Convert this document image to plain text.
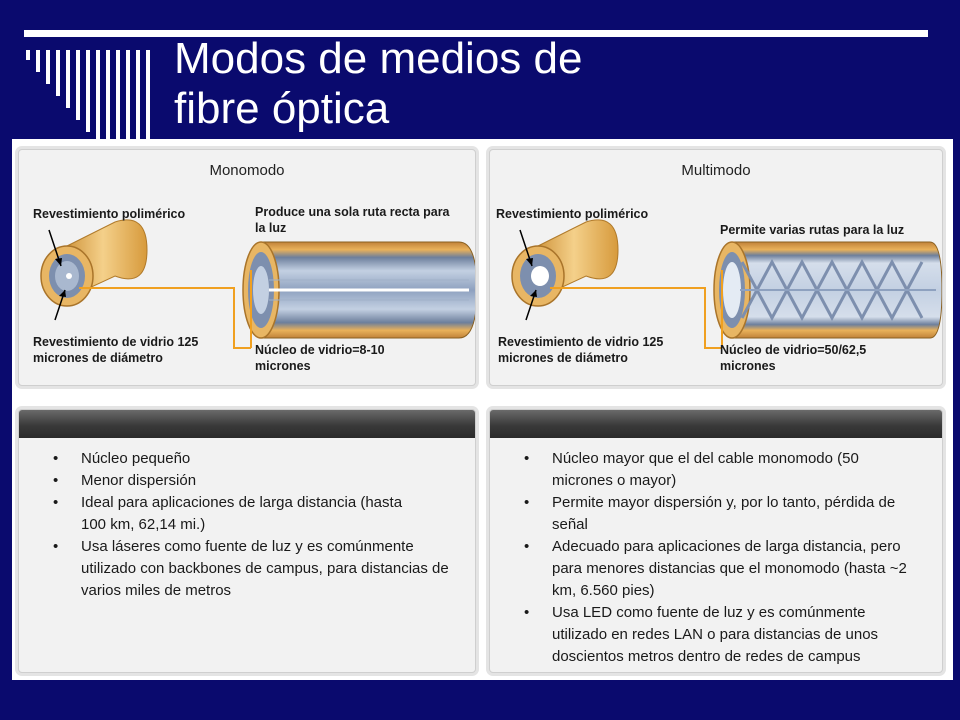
Modos de medios de
fibre óptica
Monomodo
Revestimiento polimérico	Produce una sola ruta recta para
la luz
Revestimiento de vidrio 125
micrones de diámetro
Núcleo de vidrio=8-10
micrones
Multimodo
Revestimiento polimérico
Permite varias rutas para la luz
Revestimiento de vidrio 125
micrones de diámetro
Núcleo de vidrio=50/62,5
micrones
• Núcleo pequeño
• Menor dispersión
• Ideal para aplicaciones de larga distancia (hasta 100 km, 62,14 mi.)
• Usa láseres como fuente de luz y es comúnmente utilizado con backbones de campus, para distancias de varios miles de metros
• Núcleo mayor que el del cable monomodo (50 micrones o mayor)
• Permite mayor dispersión y, por lo tanto, pérdida de señal
• Adecuado para aplicaciones de larga distancia, pero para menores distancias que el monomodo (hasta ~2 km, 6.560 pies)
• Usa LED como fuente de luz y es comúnmente utilizado en redes LAN o para distancias de unos doscientos metros dentro de redes de campus
